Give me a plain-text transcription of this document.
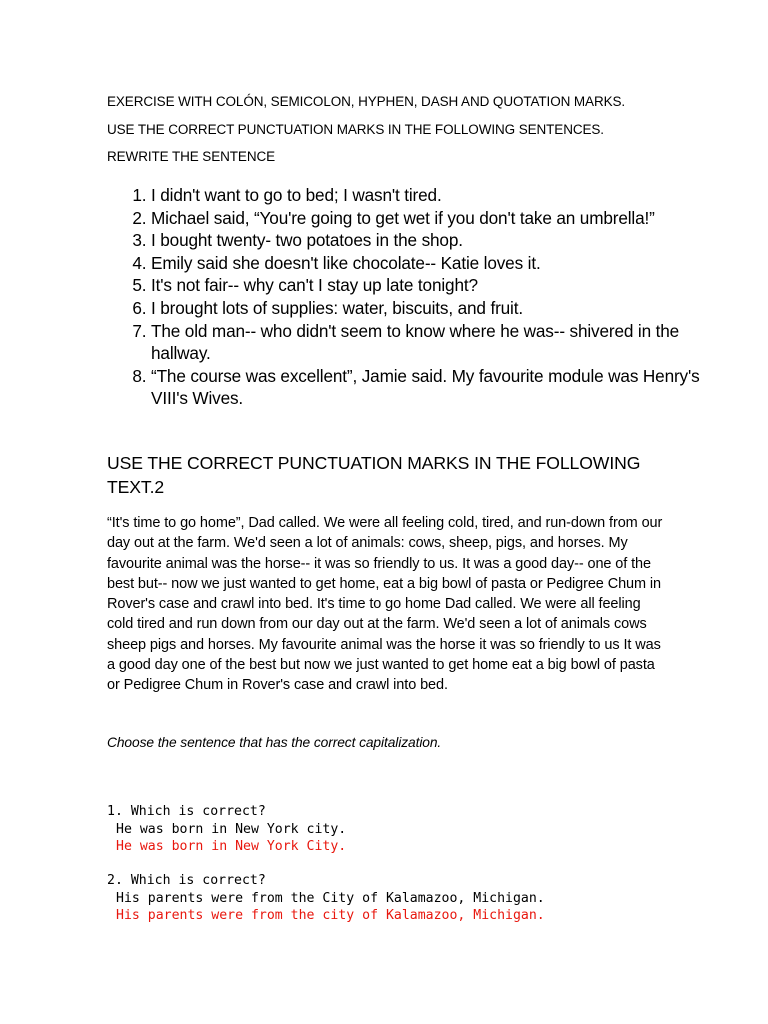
EXERCISE WITH COLÓN, SEMICOLON, HYPHEN, DASH AND QUOTATION MARKS.

USE THE CORRECT PUNCTUATION MARKS IN THE FOLLOWING SENTENCES. REWRITE THE SENTENCE

1. I didn't want to go to bed; I wasn't tired.
2. Michael said, “You're going to get wet if you don't take an umbrella!”
3. I bought twenty- two potatoes in the shop.
4. Emily said she doesn't like chocolate-- Katie loves it.
5. It's not fair-- why can't I stay up late tonight?
6. I brought lots of supplies: water, biscuits, and fruit.
7. The old man-- who didn't seem to know where he was-- shivered in the hallway.
8. “The course was excellent”, Jamie said. My favourite module was Henry's VIII's Wives.
USE THE CORRECT PUNCTUATION MARKS IN THE FOLLOWING TEXT.2

“It's time to go home”, Dad called. We were all feeling cold, tired, and run-down from our day out at the farm. We'd seen a lot of animals: cows, sheep, pigs, and horses. My favourite animal was the horse-- it was so friendly to us. It was a good day-- one of the best but-- now we just wanted to get home, eat a big bowl of pasta or Pedigree Chum in Rover's case and crawl into bed. It's time to go home Dad called. We were all feeling cold tired and run down from our day out at the farm. We'd seen a lot of animals cows sheep pigs and horses. My favourite animal was the horse it was so friendly to us It was a good day one of the best but now we just wanted to get home eat a big bowl of pasta or Pedigree Chum in Rover's case and crawl into bed.

Choose the sentence that has the correct capitalization.

1. Which is correct?
He was born in New York city.
He was born in New York City.
2. Which is correct?
His parents were from the City of Kalamazoo, Michigan.
His parents were from the city of Kalamazoo, Michigan.
